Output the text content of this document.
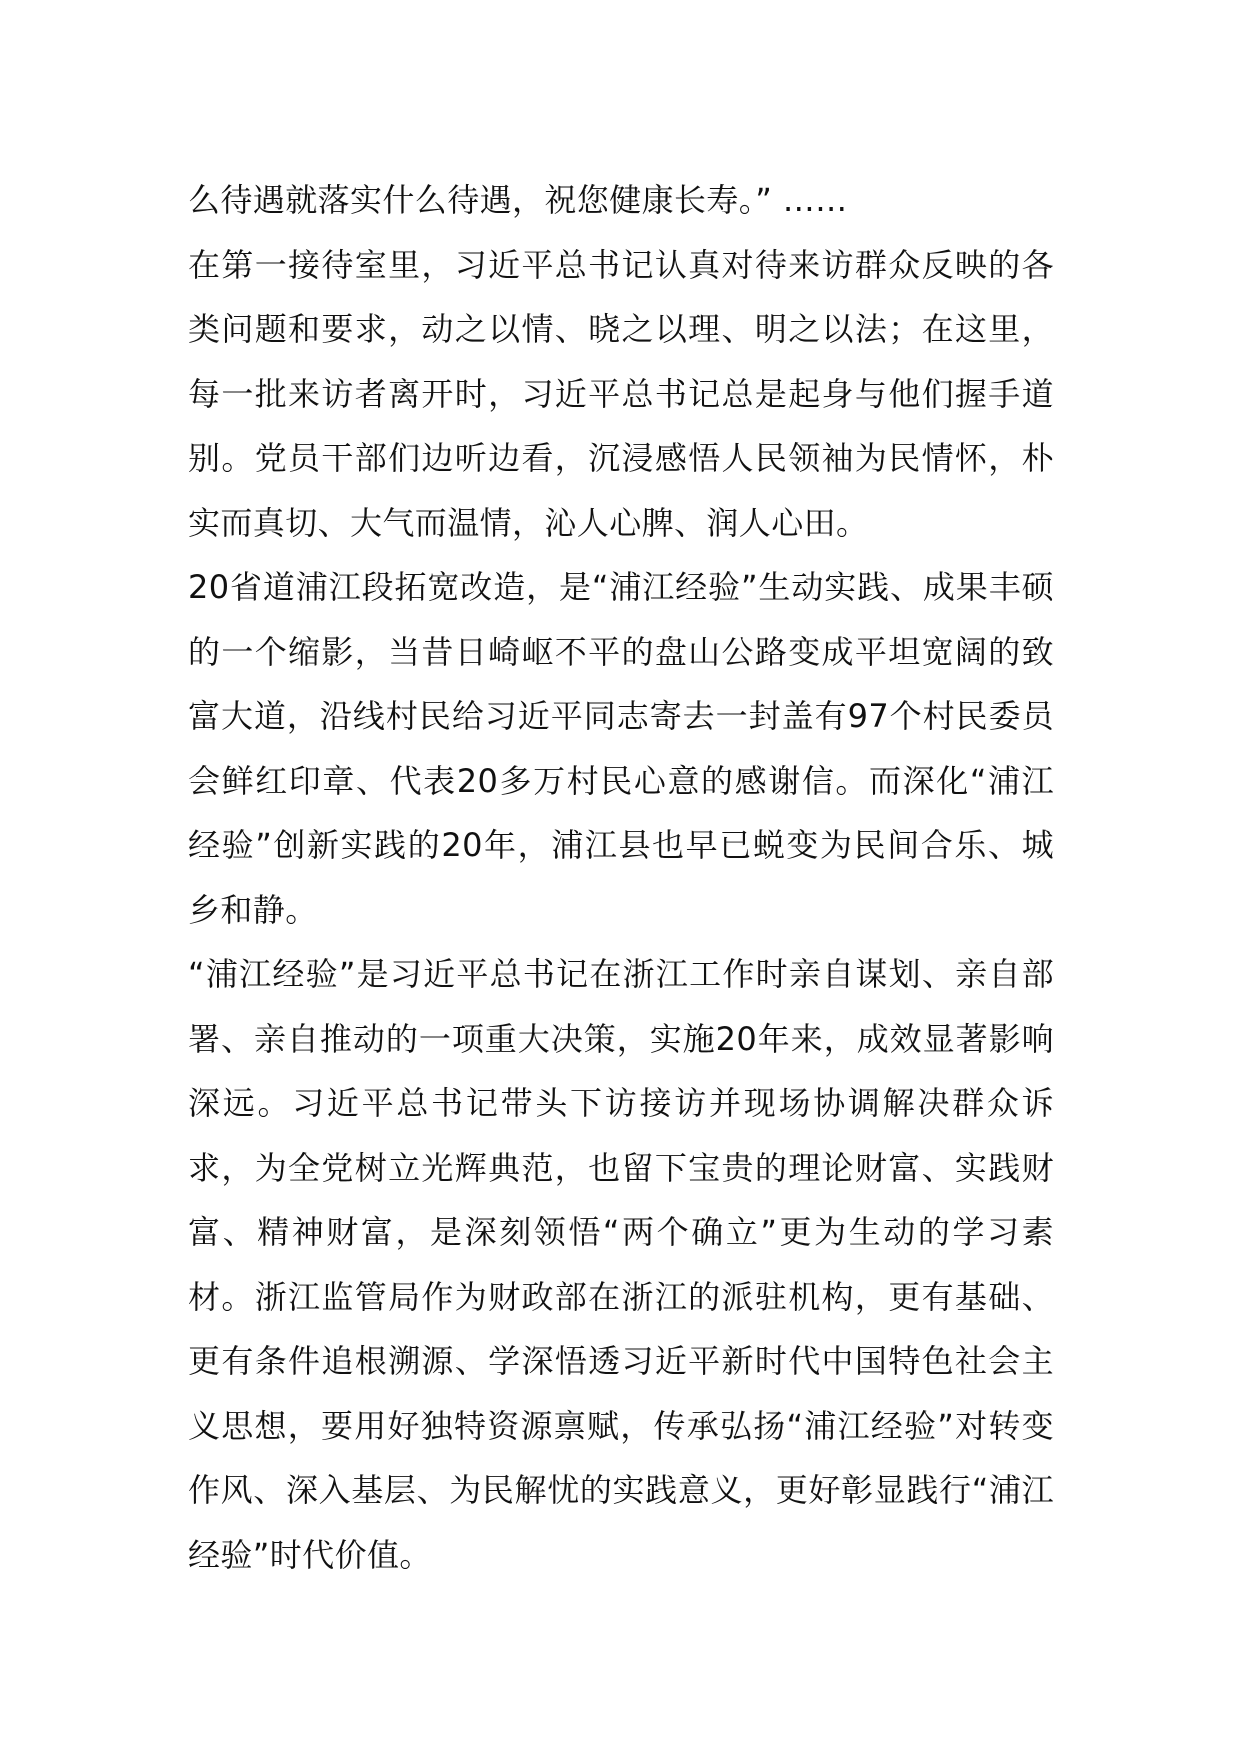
么待遇就落实什么待遇，祝您健康长寿。” ……

在第一接待室里，习近平总书记认真对待来访群众反映的各类问题和要求，动之以情、晓之以理、明之以法；在这里，每一批来访者离开时，习近平总书记总是起身与他们握手道别。党员干部们边听边看，沉浸感悟人民领袖为民情怀，朴实而真切、大气而温情，沁人心脾、润人心田。

20省道浦江段拓宽改造，是“浦江经验”生动实践、成果丰硕的一个缩影，当昔日崎岖不平的盘山公路变成平坦宽阔的致富大道，沿线村民给习近平同志寄去一封盖有97个村民委员会鲜红印章、代表20多万村民心意的感谢信。而深化“浦江经验”创新实践的20年，浦江县也早已蜕变为民间合乐、城乡和静。

“浦江经验”是习近平总书记在浙江工作时亲自谋划、亲自部署、亲自推动的一项重大决策，实施20年来，成效显著影响深远。习近平总书记带头下访接访并现场协调解决群众诉求，为全党树立光辉典范，也留下宝贵的理论财富、实践财富、精神财富，是深刻领悟“两个确立”更为生动的学习素材。浙江监管局作为财政部在浙江的派驻机构，更有基础、更有条件追根溯源、学深悟透习近平新时代中国特色社会主义思想，要用好独特资源禀赋，传承弘扬“浦江经验”对转变作风、深入基层、为民解忧的实践意义，更好彰显践行“浦江经验”时代价值。
